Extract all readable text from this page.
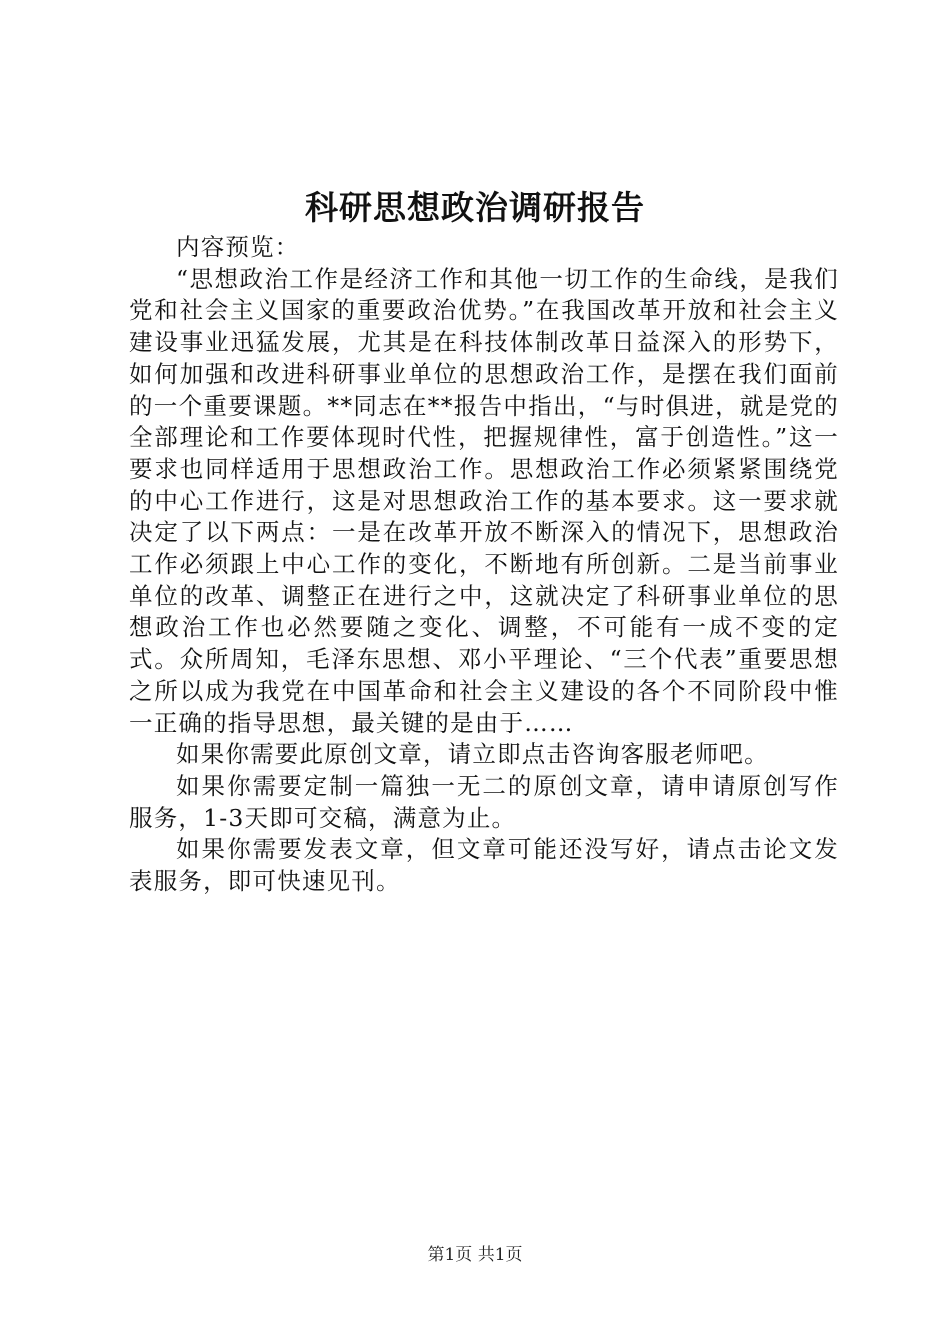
科研思想政治调研报告

内容预览：

“思想政治工作是经济工作和其他一切工作的生命线，是我们党和社会主义国家的重要政治优势。”在我国改革开放和社会主义建设事业迅猛发展，尤其是在科技体制改革日益深入的形势下，如何加强和改进科研事业单位的思想政治工作，是摆在我们面前的一个重要课题。**同志在**报告中指出，“与时俱进，就是党的全部理论和工作要体现时代性，把握规律性，富于创造性。”这一要求也同样适用于思想政治工作。思想政治工作必须紧紧围绕党的中心工作进行，这是对思想政治工作的基本要求。这一要求就决定了以下两点：一是在改革开放不断深入的情况下，思想政治工作必须跟上中心工作的变化，不断地有所创新。二是当前事业单位的改革、调整正在进行之中，这就决定了科研事业单位的思想政治工作也必然要随之变化、调整，不可能有一成不变的定式。众所周知，毛泽东思想、邓小平理论、“三个代表”重要思想之所以成为我党在中国革命和社会主义建设的各个不同阶段中惟一正确的指导思想，最关键的是由于……

如果你需要此原创文章，请立即点击咨询客服老师吧。

如果你需要定制一篇独一无二的原创文章，请申请原创写作服务，1-3天即可交稿，满意为止。

如果你需要发表文章，但文章可能还没写好，请点击论文发表服务，即可快速见刊。

第1页 共1页
